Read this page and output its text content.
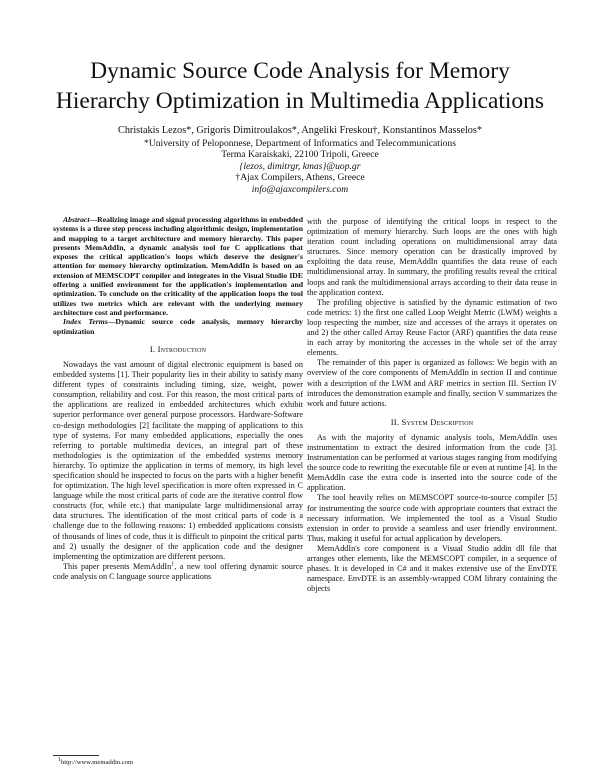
Dynamic Source Code Analysis for Memory
Hierarchy Optimization in Multimedia Applications
Christakis Lezos*, Grigoris Dimitroulakos*, Angeliki Freskou†, Konstantinos Masselos*
*University of Peloponnese, Department of Informatics and Telecommunications
Terma Karaiskaki, 22100 Tripoli, Greece
{lezos, dimitrgr, kmas}@uop.gr
†Ajax Compilers, Athens, Greece
info@ajaxcompilers.com

Abstract—Realizing image and signal processing algorithms in embedded systems is a three step process including algorithmic design, implementation and mapping to a target architecture and memory hierarchy. This paper presents MemAddIn, a dynamic analysis tool for C applications that exposes the critical application's loops which deserve the designer's attention for memory hierarchy optimization. MemAddIn is based on an extension of MEMSCOPT compiler and integrates in the Visual Studio IDE offering a unified environment for the application's implementation and optimization. To conclude on the criticality of the application loops the tool utilizes two metrics which are relevant with the underlying memory architecture cost and performance.

Index Terms—Dynamic source code analysis, memory hierarchy optimization

I. Introduction

Nowadays the vast amount of digital electronic equipment is based on embedded systems [1]. Their popularity lies in their ability to satisfy many different types of constraints including timing, size, weight, power consumption, reliability and cost. For this reason, the most critical parts of the applications are realized in embedded architectures which exhibit superior performance over general purpose processors. Hardware-Software co-design methodologies [2] facilitate the mapping of applications to this type of systems. For many embedded applications, especially the ones referring to portable multimedia devices, an integral part of these methodologies is the optimization of the embedded systems memory hierarchy. To optimize the application in terms of memory, its high level specification should be inspected to focus on the parts with a higher benefit for optimization. The high level specification is more often expressed in C language while the most critical parts of code are the iterative control flow constructs (for, while etc.) that manipulate large multidimensional array data structures. The identification of the most critical parts of code is a challenge due to the following reasons: 1) embedded applications consists of thousands of lines of code, thus it is difficult to pinpoint the critical parts and 2) usually the designer of the application code and the designer implementing the optimization are different persons.

This paper presents MemAddIn$^1$, a new tool offering dynamic source code analysis on C language source applications

with the purpose of identifying the critical loops in respect to the optimization of memory hierarchy. Such loops are the ones with high iteration count including operations on multidimensional array data structures. Since memory operation can be drastically improved by exploiting the data reuse, MemAddIn quantifies the data reuse of each multidimensional array. In summary, the profiling results reveal the critical loops and rank the multidimensional arrays according to their data reuse in the application context.

The profiling objective is satisfied by the dynamic estimation of two code metrics: 1) the first one called Loop Weight Metric (LWM) weights a loop respecting the number, size and accesses of the arrays it operates on and 2) the other called Array Reuse Factor (ARF) quantifies the data reuse in each array by monitoring the accesses in the whole set of the array elements.

The remainder of this paper is organized as follows: We begin with an overview of the core components of MemAddIn in section II and continue with a description of the LWM and ARF metrics in section III. Section IV introduces the demonstration example and finally, section V summarizes the work and future actions.

II. System Description

As with the majority of dynamic analysis tools, MemAddIn uses instrumentation to extract the desired information from the code [3]. Instrumentation can be performed at various stages ranging from modifying the source code to rewriting the executable file or even at runtime [4]. In the MemAddIn case the extra code is inserted into the source code of the application.

The tool heavily relies on MEMSCOPT source-to-source compiler [5] for instrumenting the source code with appropriate counters that extract the necessary information. We implemented the tool as a Visual Studio extension in order to provide a seamless and user friendly environment. Thus, making it useful for actual application by developers.

MemAddIn's core component is a Visual Studio addin dll file that arranges other elements, like the MEMSCOPT compiler, in a sequence of phases. It is developed in C# and it makes extensive use of the EnvDTE namespace. EnvDTE is an assembly-wrapped COM library containing the objects

$^1$http://www.memaddin.com
